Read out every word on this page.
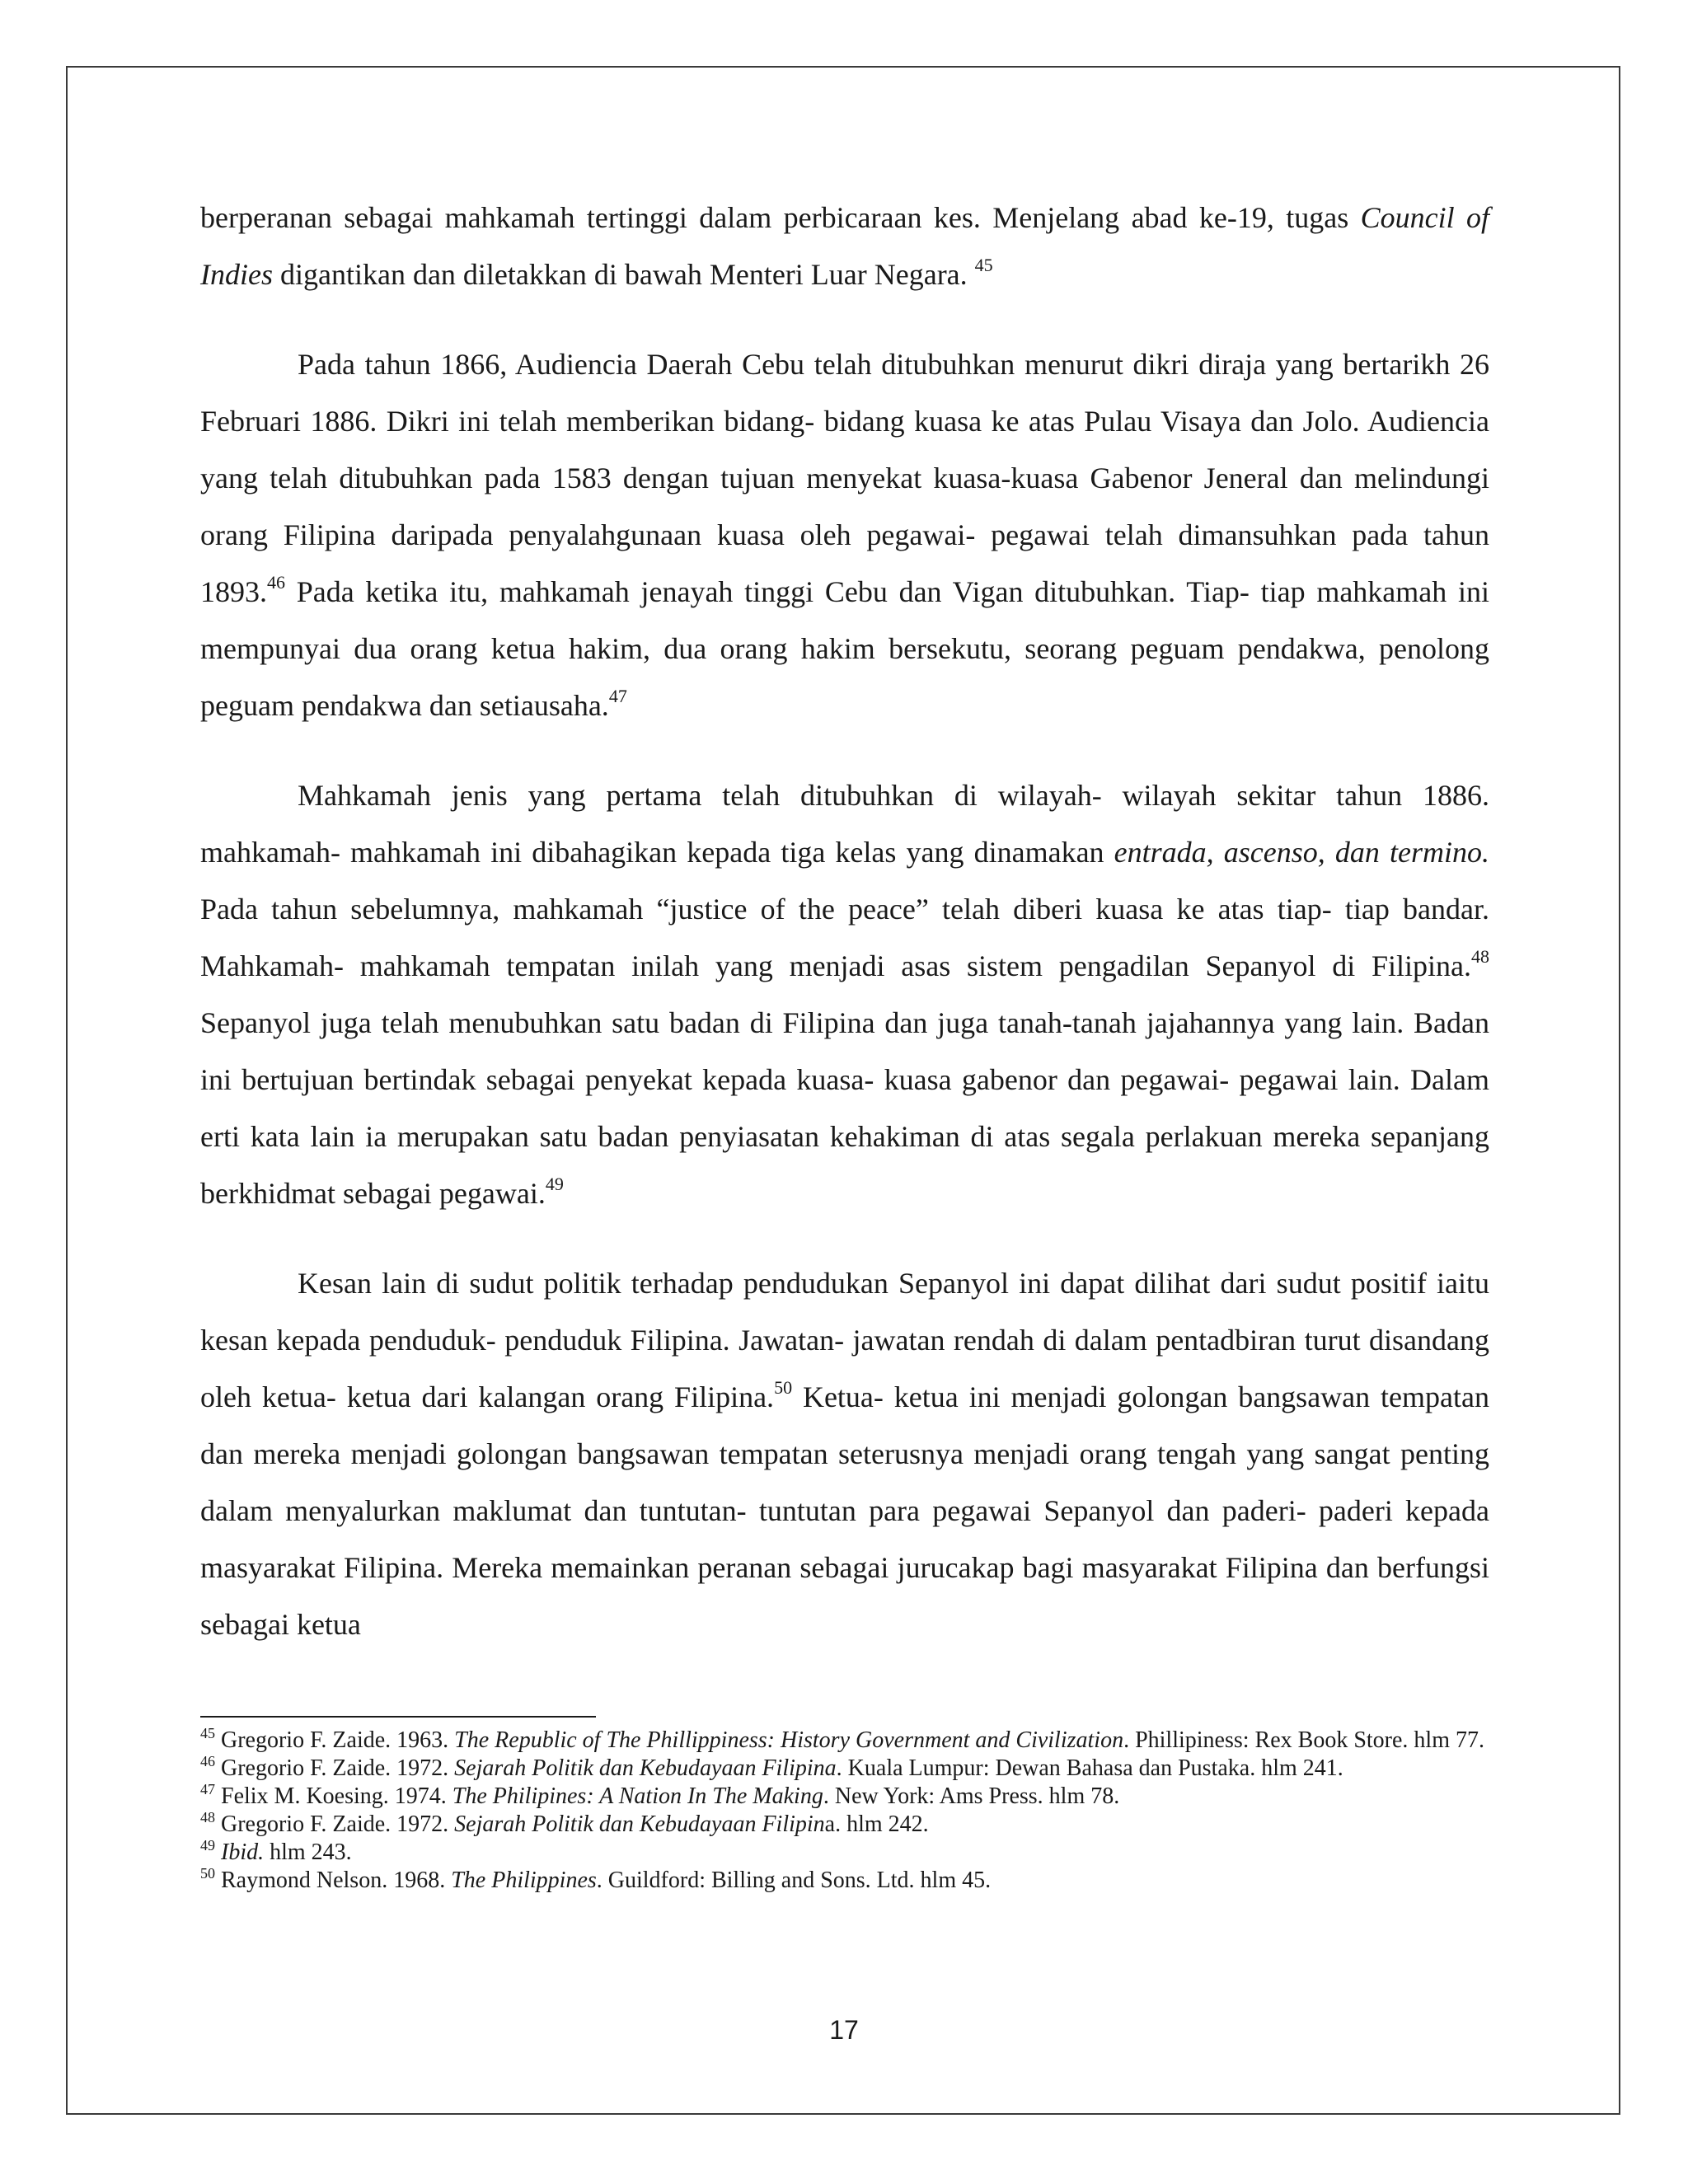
berperanan sebagai mahkamah tertinggi dalam perbicaraan kes. Menjelang abad ke-19, tugas Council of Indies digantikan dan diletakkan di bawah Menteri Luar Negara. $^{45}$

Pada tahun 1866, Audiencia Daerah Cebu telah ditubuhkan menurut dikri diraja yang bertarikh 26 Februari 1886. Dikri ini telah memberikan bidang- bidang kuasa ke atas Pulau Visaya dan Jolo. Audiencia yang telah ditubuhkan pada 1583 dengan tujuan menyekat kuasa-kuasa Gabenor Jeneral dan melindungi orang Filipina daripada penyalahgunaan kuasa oleh pegawai- pegawai telah dimansuhkan pada tahun 1893.46 Pada ketika itu, mahkamah jenayah tinggi Cebu dan Vigan ditubuhkan. Tiap- tiap mahkamah ini mempunyai dua orang ketua hakim, dua orang hakim bersekutu, seorang peguam pendakwa, penolong peguam pendakwa dan setiausaha.$^{47}$

Mahkamah jenis yang pertama telah ditubuhkan di wilayah- wilayah sekitar tahun 1886. mahkamah- mahkamah ini dibahagikan kepada tiga kelas yang dinamakan entrada, ascenso, dan termino. Pada tahun sebelumnya, mahkamah “justice of the peace” telah diberi kuasa ke atas tiap- tiap bandar. Mahkamah- mahkamah tempatan inilah yang menjadi asas sistem pengadilan Sepanyol di Filipina.$^{48}$ Sepanyol juga telah menubuhkan satu badan di Filipina dan juga tanah-tanah jajahannya yang lain. Badan ini bertujuan bertindak sebagai penyekat kepada kuasa- kuasa gabenor dan pegawai- pegawai lain. Dalam erti kata lain ia merupakan satu badan penyiasatan kehakiman di atas segala perlakuan mereka sepanjang berkhidmat sebagai pegawai.$^{49}$

Kesan lain di sudut politik terhadap pendudukan Sepanyol ini dapat dilihat dari sudut positif iaitu kesan kepada penduduk- penduduk Filipina. Jawatan- jawatan rendah di dalam pentadbiran turut disandang oleh ketua- ketua dari kalangan orang Filipina.$^{50}$ Ketua- ketua ini menjadi golongan bangsawan tempatan dan mereka menjadi golongan bangsawan tempatan seterusnya menjadi orang tengah yang sangat penting dalam menyalurkan maklumat dan tuntutan- tuntutan para pegawai Sepanyol dan paderi- paderi kepada masyarakat Filipina. Mereka memainkan peranan sebagai jurucakap bagi masyarakat Filipina dan berfungsi sebagai ketua

$^{45}$ Gregorio F. Zaide. 1963. The Republic of The Phillippiness: History Government and Civilization. Phillipiness: Rex Book Store. hlm 77.

$^{46}$ Gregorio F. Zaide. 1972. Sejarah Politik dan Kebudayaan Filipina. Kuala Lumpur: Dewan Bahasa dan Pustaka. hlm 241.

$^{47}$ Felix M. Koesing. 1974. The Philipines: A Nation In The Making. New York: Ams Press. hlm 78.

$^{48}$ Gregorio F. Zaide. 1972. Sejarah Politik dan Kebudayaan Filipina. hlm 242.

$^{49}$ Ibid. hlm 243.

$^{50}$ Raymond Nelson. 1968. The Philippines. Guildford: Billing and Sons. Ltd. hlm 45.

17
